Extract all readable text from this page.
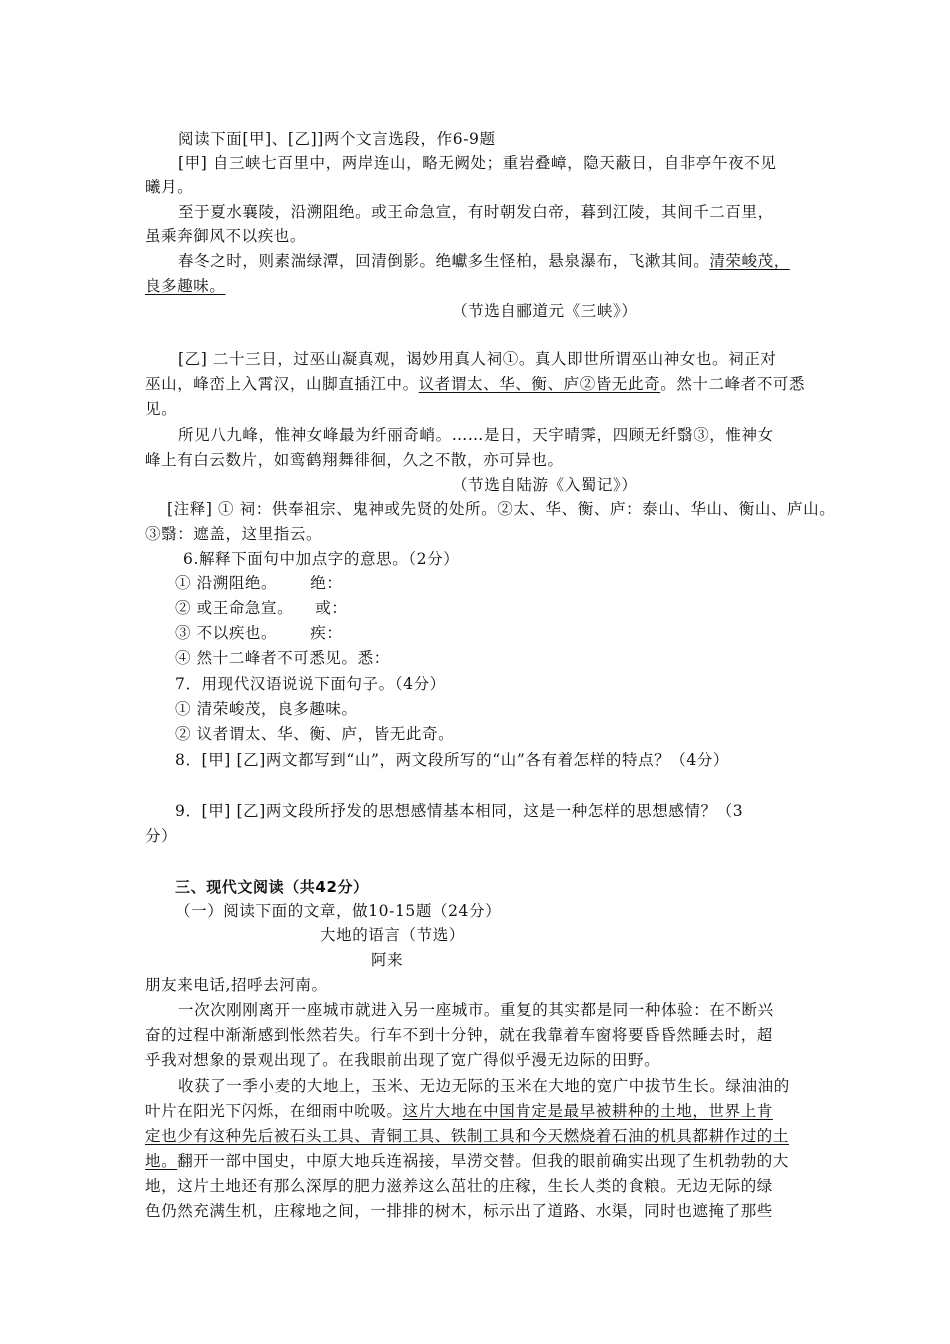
阅读下面[甲]、[乙]]两个文言选段，作6-9题
[甲] 自三峡七百里中，两岸连山，略无阙处；重岩叠嶂，隐天蔽日，自非亭午夜不见
曦月。
至于夏水襄陵，沿溯阻绝。或王命急宣，有时朝发白帝，暮到江陵，其间千二百里，
虽乘奔御风不以疾也。
春冬之时，则素湍绿潭，回清倒影。绝巘多生怪柏，悬泉瀑布，飞漱其间。清荣峻茂，
良多趣味。
（节选自郦道元《三峡》）
[乙] 二十三日，过巫山凝真观，谒妙用真人祠①。真人即世所谓巫山神女也。祠正对
巫山，峰峦上入霄汉，山脚直插江中。议者谓太、华、衡、庐②皆无此奇。然十二峰者不可悉
见。
所见八九峰，惟神女峰最为纤丽奇峭。……是日，天宇晴霁，四顾无纤翳③，惟神女
峰上有白云数片，如鸾鹤翔舞徘徊，久之不散，亦可异也。
（节选自陆游《入蜀记》）
[注释] ① 祠：供奉祖宗、鬼神或先贤的处所。②太、华、衡、庐：泰山、华山、衡山、庐山。
③翳：遮盖，这里指云。
6.解释下面句中加点字的意思。（2分）
① 沿溯阻绝。      绝：
② 或王命急宣。    或：
③ 不以疾也。      疾：
④ 然十二峰者不可悉见。悉：
7．用现代汉语说说下面句子。（4分）
① 清荣峻茂，良多趣味。
② 议者谓太、华、衡、庐，皆无此奇。
8．[甲] [乙]两文都写到“山”，两文段所写的“山”各有着怎样的特点？（4分）
9．[甲] [乙]两文段所抒发的思想感情基本相同，这是一种怎样的思想感情？（3
分）
三、现代文阅读（共42分）
（一）阅读下面的文章，做10-15题（24分）
大地的语言（节选）
阿来
朋友来电话,招呼去河南。
一次次刚刚离开一座城市就进入另一座城市。重复的其实都是同一种体验：在不断兴
奋的过程中渐渐感到怅然若失。行车不到十分钟，就在我靠着车窗将要昏昏然睡去时，超
乎我对想象的景观出现了。在我眼前出现了宽广得似乎漫无边际的田野。
收获了一季小麦的大地上，玉米、无边无际的玉米在大地的宽广中拔节生长。绿油油的
叶片在阳光下闪烁，在细雨中吮吸。这片大地在中国肯定是最早被耕种的土地，世界上肯
定也少有这种先后被石头工具、青铜工具、铁制工具和今天燃烧着石油的机具都耕作过的土
地。翻开一部中国史，中原大地兵连祸接，旱涝交替。但我的眼前确实出现了生机勃勃的大
地，这片土地还有那么深厚的肥力滋养这么茁壮的庄稼，生长人类的食粮。无边无际的绿
色仍然充满生机，庄稼地之间，一排排的树木，标示出了道路、水渠，同时也遮掩了那些
